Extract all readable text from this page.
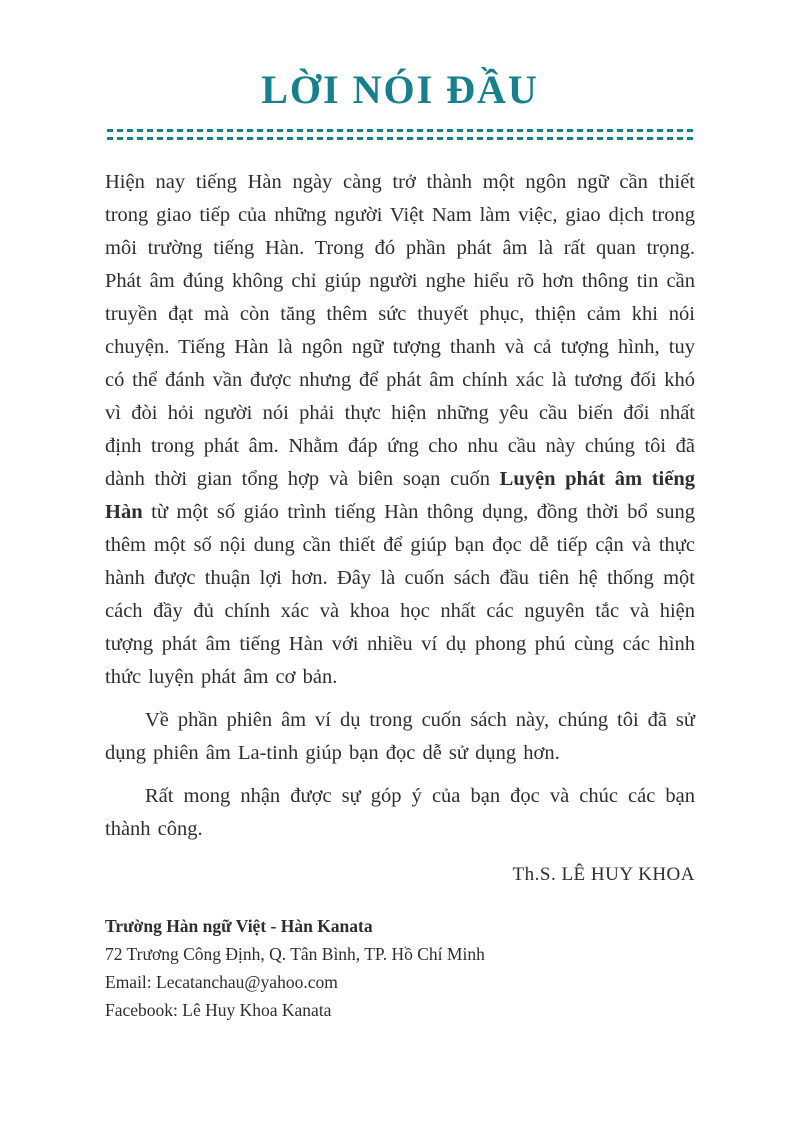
LỜI NÓI ĐẦU

Hiện nay tiếng Hàn ngày càng trở thành một ngôn ngữ cần thiết trong giao tiếp của những người Việt Nam làm việc, giao dịch trong môi trường tiếng Hàn. Trong đó phần phát âm là rất quan trọng. Phát âm đúng không chỉ giúp người nghe hiểu rõ hơn thông tin cần truyền đạt mà còn tăng thêm sức thuyết phục, thiện cảm khi nói chuyện. Tiếng Hàn là ngôn ngữ tượng thanh và cả tượng hình, tuy có thể đánh vần được nhưng để phát âm chính xác là tương đối khó vì đòi hỏi người nói phải thực hiện những yêu cầu biến đổi nhất định trong phát âm. Nhằm đáp ứng cho nhu cầu này chúng tôi đã dành thời gian tổng hợp và biên soạn cuốn Luyện phát âm tiếng Hàn từ một số giáo trình tiếng Hàn thông dụng, đồng thời bổ sung thêm một số nội dung cần thiết để giúp bạn đọc dễ tiếp cận và thực hành được thuận lợi hơn. Đây là cuốn sách đầu tiên hệ thống một cách đầy đủ chính xác và khoa học nhất các nguyên tắc và hiện tượng phát âm tiếng Hàn với nhiều ví dụ phong phú cùng các hình thức luyện phát âm cơ bản.

Về phần phiên âm ví dụ trong cuốn sách này, chúng tôi đã sử dụng phiên âm La-tinh giúp bạn đọc dễ sử dụng hơn.

Rất mong nhận được sự góp ý của bạn đọc và chúc các bạn thành công.

Th.S. LÊ HUY KHOA
Trường Hàn ngữ Việt - Hàn Kanata
72 Trương Công Định, Q. Tân Bình, TP. Hồ Chí Minh
Email: Lecatanchau@yahoo.com
Facebook: Lê Huy Khoa Kanata
